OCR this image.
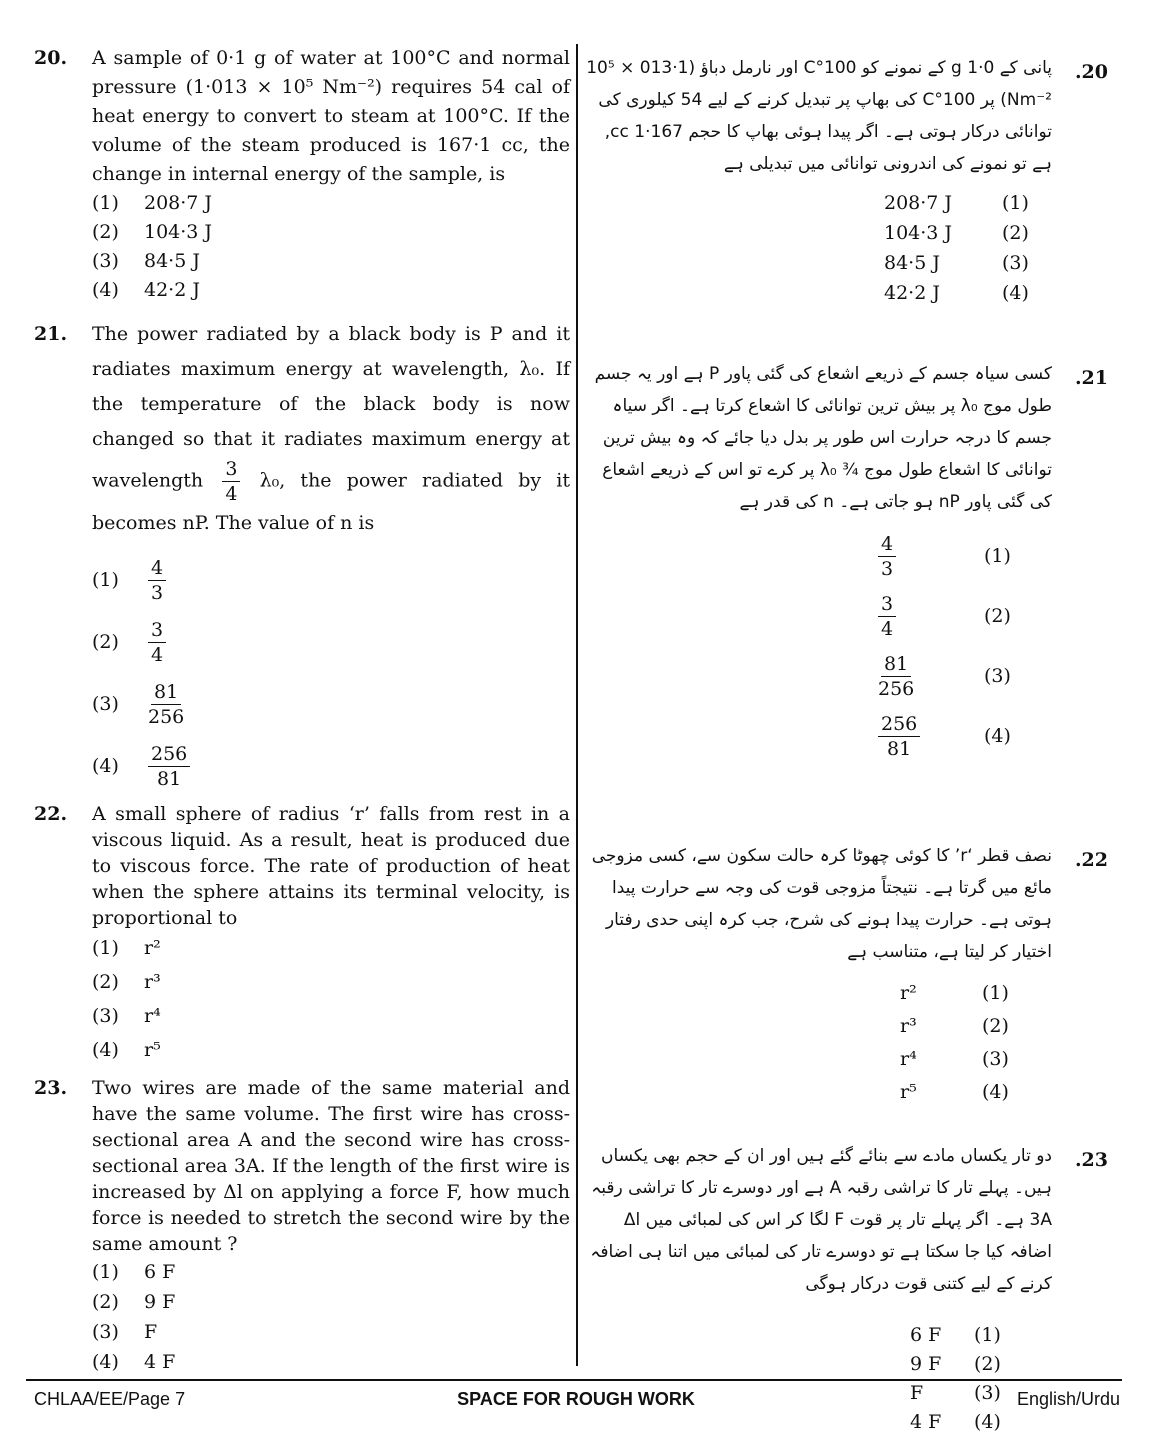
20. A sample of 0·1 g of water at 100°C and normal pressure (1·013 × 10⁵ Nm⁻²) requires 54 cal of heat energy to convert to steam at 100°C. If the volume of the steam produced is 167·1 cc, the change in internal energy of the sample, is
(1)	208·7 J
(2)	104·3 J
(3)	84·5 J
(4)	42·2 J
21. The power radiated by a black body is P and it radiates maximum energy at wavelength, λ₀. If the temperature of the black body is now changed so that it radiates maximum energy at wavelength $\frac{3}{4} \lambda_0$, the power radiated by it becomes nP. The value of n is
(1)	$\frac{4}{3}$
(2)	$\frac{3}{4}$
(3)	$\frac{81}{256}$
(4)	$\frac{256}{81}$
22. A small sphere of radius ‘r’ falls from rest in a viscous liquid. As a result, heat is produced due to viscous force. The rate of production of heat when the sphere attains its terminal velocity, is proportional to
(1)	r²
(2)	r³
(3)	r⁴
(4)	r⁵
23. Two wires are made of the same material and have the same volume. The first wire has cross-sectional area A and the second wire has cross-sectional area 3A. If the length of the first wire is increased by Δl on applying a force F, how much force is needed to stretch the second wire by the same amount ?
(1)	6 F
(2)	9 F
(3)	F
(4)	4 F
.20
پانی کے 0·1 g کے نمونے کو 100°C اور نارمل دباؤ (1·013 × 10⁵ Nm⁻²) پر 100°C کی بھاپ پر تبدیل کرنے کے لیے 54 کیلوری کی توانائی درکار ہوتی ہے۔ اگر پیدا ہوئی بھاپ کا حجم 167·1 cc, ہے تو نمونے کی اندرونی توانائی میں تبدیلی ہے
208·7 J	(1)
104·3 J	(2)
84·5 J	(3)
42·2 J	(4)
.21
کسی سیاہ جسم کے ذریعے اشعاع کی گئی پاور P ہے اور یہ جسم طول موج λ₀ پر بیش ترین توانائی کا اشعاع کرتا ہے۔ اگر سیاہ جسم کا درجہ حرارت اس طور پر بدل دیا جائے کہ وہ بیش ترین توانائی کا اشعاع طول موج ¾ λ₀ پر کرے تو اس کے ذریعے اشعاع کی گئی پاور nP ہو جاتی ہے۔ n کی قدر ہے
$\frac{4}{3}$	(1)
$\frac{3}{4}$	(2)
$\frac{81}{256}$	(3)
$\frac{256}{81}$	(4)
.22
نصف قطر ‘r’ کا کوئی چھوٹا کرہ حالت سکون سے، کسی مزوجی مائع میں گرتا ہے۔ نتیجتاً مزوجی قوت کی وجہ سے حرارت پیدا ہوتی ہے۔ حرارت پیدا ہونے کی شرح، جب کرہ اپنی حدی رفتار اختیار کر لیتا ہے، متناسب ہے
r²	(1)
r³	(2)
r⁴	(3)
r⁵	(4)
.23
دو تار یکساں مادے سے بنائے گئے ہیں اور ان کے حجم بھی یکساں ہیں۔ پہلے تار کا تراشی رقبہ A ہے اور دوسرے تار کا تراشی رقبہ 3A ہے۔ اگر پہلے تار پر قوت F لگا کر اس کی لمبائی میں Δl اضافہ کیا جا سکتا ہے تو دوسرے تار کی لمبائی میں اتنا ہی اضافہ کرنے کے لیے کتنی قوت درکار ہوگی
6 F	(1)
9 F	(2)
F	(3)
4 F	(4)
CHLAA/EE/Page 7	SPACE FOR ROUGH WORK	English/Urdu
